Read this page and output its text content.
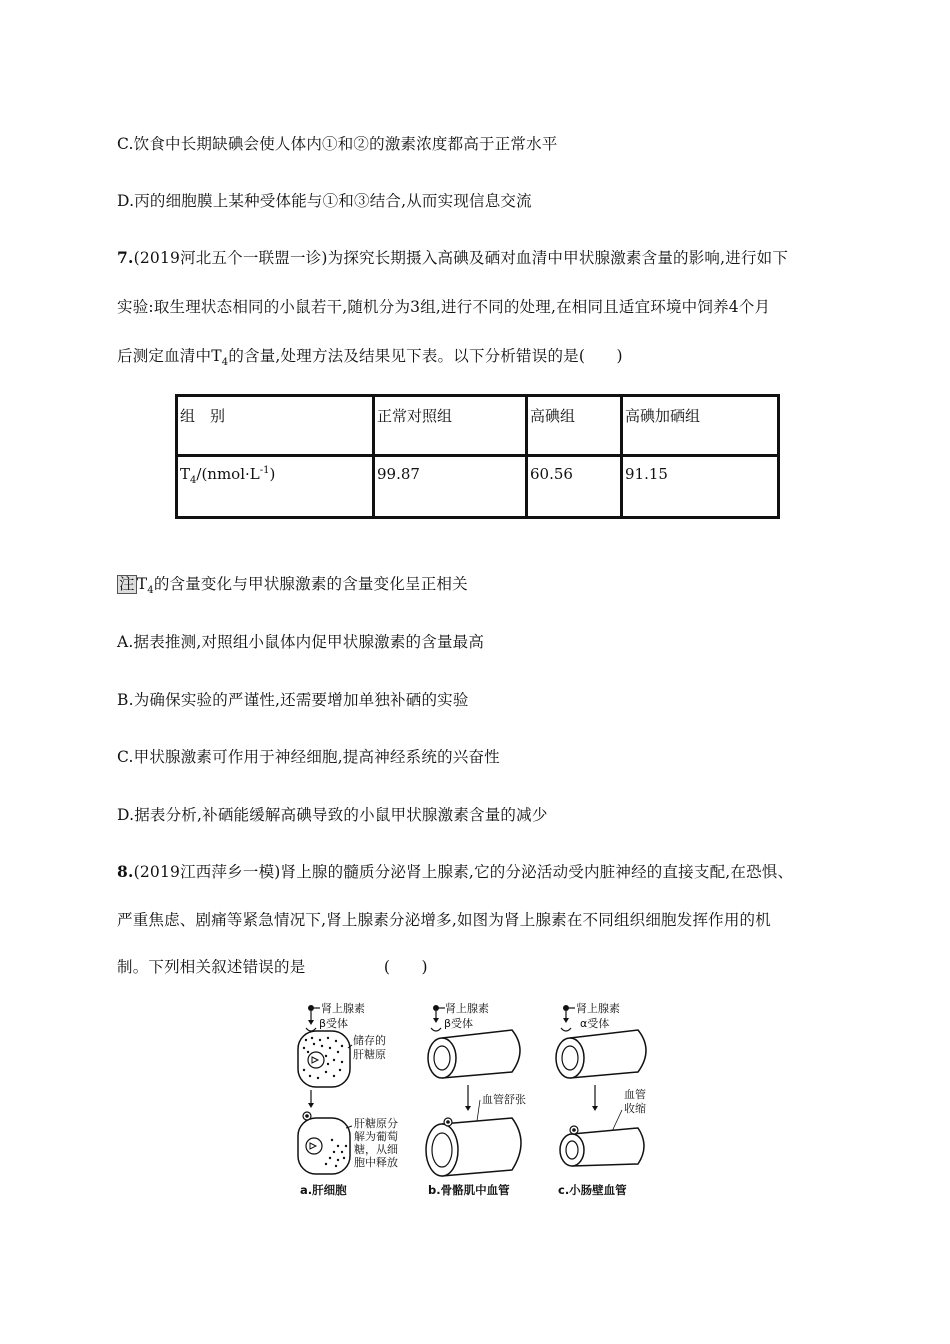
C.饮食中长期缺碘会使人体内①和②的激素浓度都高于正常水平
D.丙的细胞膜上某种受体能与①和③结合,从而实现信息交流
7.(2019河北五个一联盟一诊)为探究长期摄入高碘及硒对血清中甲状腺激素含量的影响,进行如下
实验:取生理状态相同的小鼠若干,随机分为3组,进行不同的处理,在相同且适宜环境中饲养4个月
后测定血清中$T_4$的含量,处理方法及结果见下表。以下分析错误的是(　　)
组　别	正常对照组	高碘组	高碘加硒组
$T_4/(nmol\cdot L^{-1})$	99.87	60.56	91.15
注 $T_4$的含量变化与甲状腺激素的含量变化呈正相关
A.据表推测,对照组小鼠体内促甲状腺激素的含量最高
B.为确保实验的严谨性,还需要增加单独补硒的实验
C.甲状腺激素可作用于神经细胞,提高神经系统的兴奋性
D.据表分析,补硒能缓解高碘导致的小鼠甲状腺激素含量的减少
8.(2019江西萍乡一模)肾上腺的髓质分泌肾上腺素,它的分泌活动受内脏神经的直接支配,在恐惧、
严重焦虑、剧痛等紧急情况下,肾上腺素分泌增多,如图为肾上腺素在不同组织细胞发挥作用的机
制。下列相关叙述错误的是　　　　　(　　)
肾上腺素
β受体
储存的
肝糖原
肝糖原分
解为葡萄
糖，从细
胞中释放
a.肝细胞
肾上腺素
β受体
血管舒张
b.骨骼肌中血管
肾上腺素
α受体
血管
收缩
c.小肠壁血管
